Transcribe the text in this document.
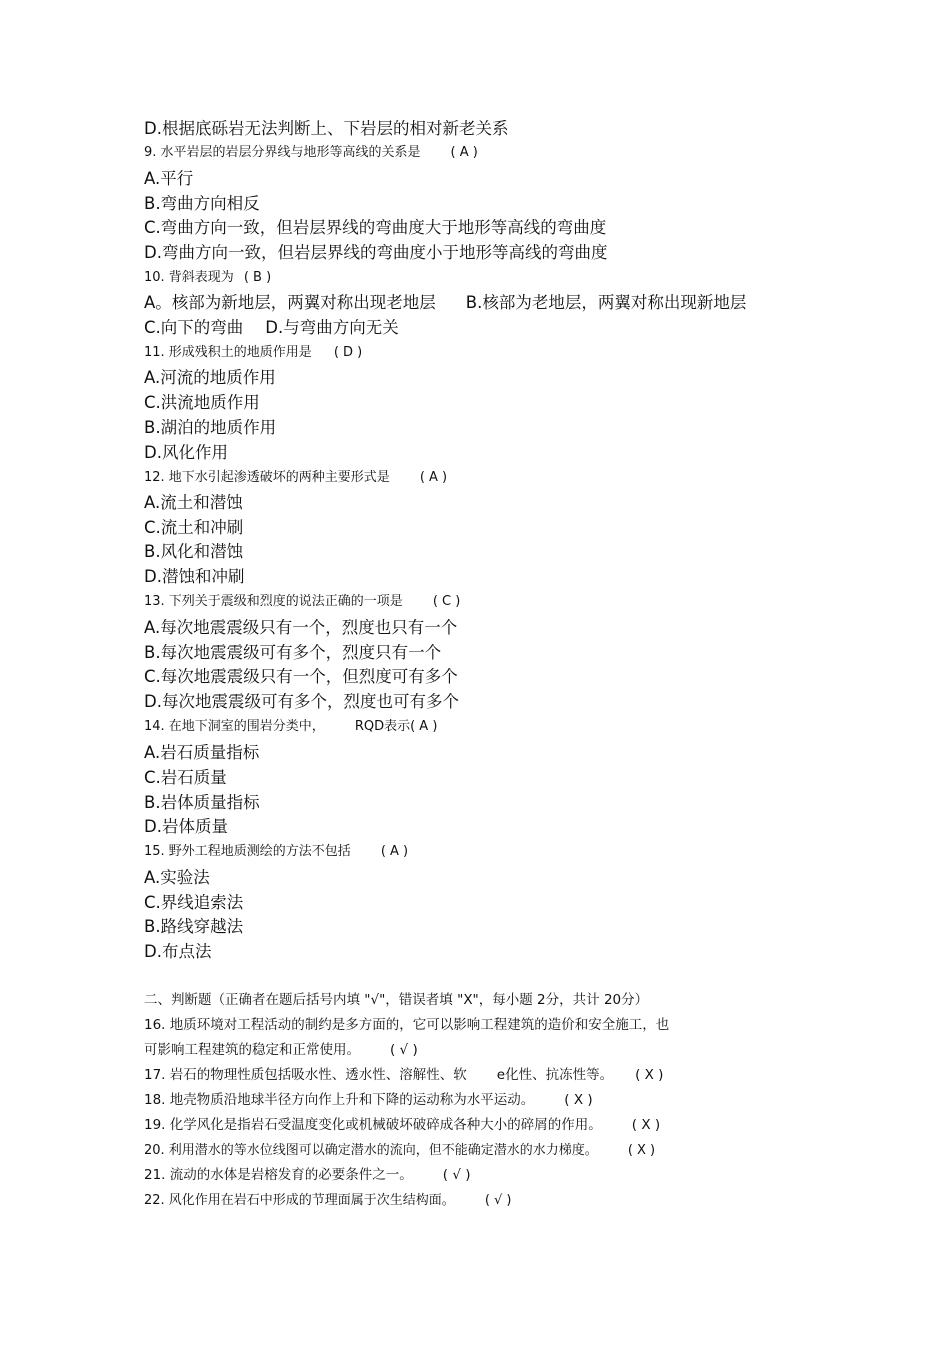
D.根据底砾岩无法判断上、下岩层的相对新老关系
9. 水平岩层的岩层分界线与地形等高线的关系是 ( A )
A.平行
B.弯曲方向相反
C.弯曲方向一致，但岩层界线的弯曲度大于地形等高线的弯曲度
D.弯曲方向一致，但岩层界线的弯曲度小于地形等高线的弯曲度
10. 背斜表现为 ( B )
A。核部为新地层，两翼对称出现老地层 B.核部为老地层，两翼对称出现新地层
C.向下的弯曲 D.与弯曲方向无关
11. 形成残积土的地质作用是 ( D )
A.河流的地质作用
C.洪流地质作用
B.湖泊的地质作用
D.风化作用
12. 地下水引起渗透破坏的两种主要形式是 ( A )
A.流土和潜蚀
C.流土和冲刷
B.风化和潜蚀
D.潜蚀和冲刷
13. 下列关于震级和烈度的说法正确的一项是 ( C )
A.每次地震震级只有一个，烈度也只有一个
B.每次地震震级可有多个，烈度只有一个
C.每次地震震级只有一个，但烈度可有多个
D.每次地震震级可有多个，烈度也可有多个
14. 在地下洞室的围岩分类中， RQD表示( A )
A.岩石质量指标
C.岩石质量
B.岩体质量指标
D.岩体质量
15. 野外工程地质测绘的方法不包括 ( A )
A.实验法
C.界线追索法
B.路线穿越法
D.布点法
二、判断题（正确者在题后括号内填 "√"，错误者填 "X"，每小题 2分，共计 20分）
16. 地质环境对工程活动的制约是多方面的，它可以影响工程建筑的造价和安全施工，也
可影响工程建筑的稳定和正常使用。 ( √ )
17. 岩石的物理性质包括吸水性、透水性、溶解性、软 e化性、抗冻性等。 ( X )
18. 地壳物质沿地球半径方向作上升和下降的运动称为水平运动。 ( X )
19. 化学风化是指岩石受温度变化或机械破坏破碎成各种大小的碎屑的作用。 ( X )
20. 利用潜水的等水位线图可以确定潜水的流向，但不能确定潜水的水力梯度。 ( X )
21. 流动的水体是岩榕发育的必要条件之一。 ( √ )
22. 风化作用在岩石中形成的节理面属于次生结构面。 ( √ )
